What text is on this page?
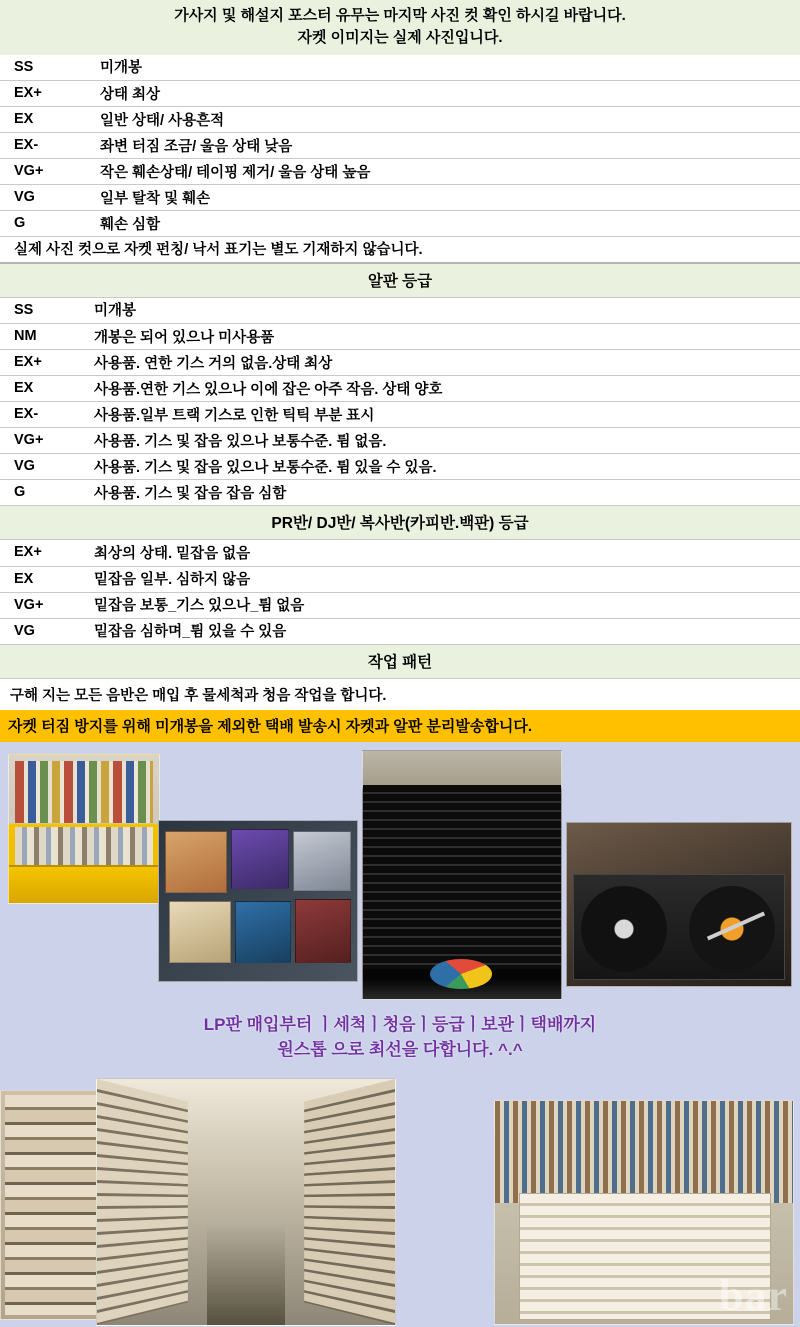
가사지 및 해설지 포스터 유무는 마지막 사진 컷 확인 하시길 바랍니다.
자켓 이미지는 실제 사진입니다.
SS	미개봉
EX+	상태 최상
EX	일반 상태/ 사용흔적
EX-	좌변 터짐 조금/ 울음 상태 낮음
VG+	작은 훼손상태/ 테이핑 제거/ 울음 상태 높음
VG	일부 탈착 및 훼손
G	훼손 심함
실제 사진 컷으로 자켓 펀칭/ 낙서 표기는 별도 기재하지 않습니다.	
알판 등급
SS	미개봉
NM	개봉은 되어 있으나 미사용품
EX+	사용품. 연한 기스 거의 없음.상태 최상
EX	사용품.연한 기스 있으나 이에 잡은 아주 작음. 상태 양호
EX-	사용품.일부 트랙 기스로 인한 틱틱 부분 표시
VG+	사용품. 기스 및 잡음 있으나 보통수준. 튐 없음.
VG	사용품. 기스 및 잡음 있으나 보통수준. 튐 있을 수 있음.
G	사용품. 기스 및 잡음 잡음 심함
PR반/ DJ반/ 복사반(카피반.백판) 등급
EX+	최상의 상태. 밑잡음 없음
EX	밑잡음 일부. 심하지 않음
VG+	밑잡음 보통_기스 있으나_튐 없음
VG	밑잡음 심하며_튐 있을 수 있음
작업 패턴
구해 지는 모든 음반은 매입 후 물세척과 청음 작업을 합니다.
자켓 터짐 방지를 위해 미개봉을 제외한 택배 발송시 자켓과 알판 분리발송합니다.
LP판 매입부터 ㅣ세척ㅣ청음ㅣ등급ㅣ보관ㅣ택배까지
원스톱 으로 최선을 다합니다. ^.^
bar
